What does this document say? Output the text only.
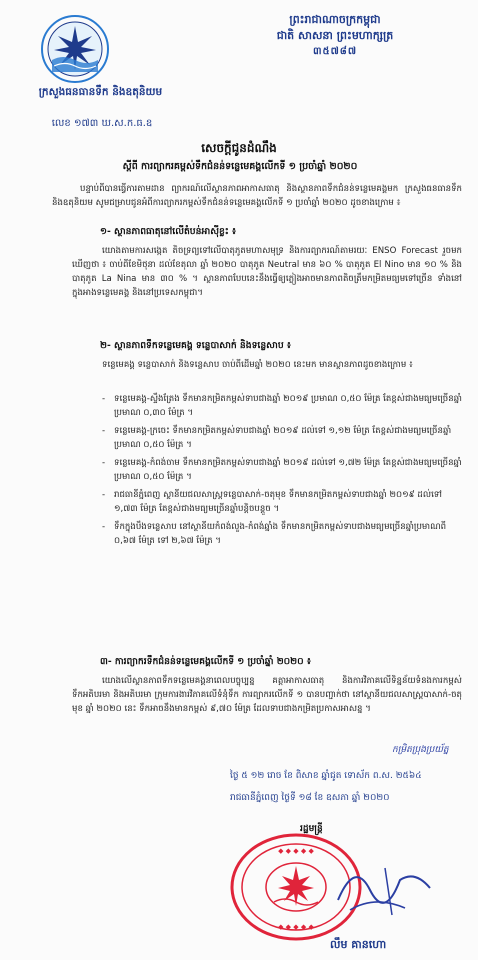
ព្រះរាជាណាចក្រកម្ពុជា
ជាតិ សាសនា ព្រះមហាក្សត្រ
៣៥៧៨៧
ក្រសួងធនធានទឹក និងឧតុនិយម
លេខ ១៧៣ ឃ.ស.ក.ធ.ឧ
សេចក្តីជូនដំណឹង
ស្តីពី ការព្យាករគម្ពស់ទឹកជំនន់ទន្លេមេគង្គលើកទី ១ ប្រចាំឆ្នាំ ២០២០
បន្ទាប់ពីបានធ្វើការតាមដាន ព្យាករណ៍លើស្ថានភាពអាកាសធាតុ និងស្ថានភាពទឹកជំនន់ទន្លេមេគង្គមក ក្រសួងធនធានទឹក និងឧតុនិយម សូមជម្រាបជូនអំពីការព្យាករកម្ពស់ទឹកជំនន់ទន្លេមេគង្គលើកទី ១ ប្រចាំឆ្នាំ ២០២០ ដូចខាងក្រោម ៖
១- ស្ថានភាពធាតុនៅលើតំបន់អាស៊ីខ្លះ ៖
យោងតាមការសង្កេត តិចទ្រព្យទៅលើបាតុភូតមហាសមុទ្រ និងការព្យាករណ៍តាមរយៈ ENSO Forecast រួចមកឃើញថា ៖ ចាប់ពីខែមិថុនា ដល់ខែតុលា ឆ្នាំ ២០២០ បាតុភូត Neutral មាន ៦០ % បាតុភូត El Nino មាន ១០ % និងបាតុភូត La Nina មាន ៣០ % ។ ស្ថានភាពបែបនេះនឹងធ្វើឲ្យភ្លៀងអាចមានភាពតិចត្រឹមកម្រិតមធ្យមទៅច្រើន ទាំងនៅក្នុងអាងទន្លេមេគង្គ និងនៅប្រទេសកម្ពុជា។
២- ស្ថានភាពទឹកទន្លេមេគង្គ ទន្លេបាសាក់ និងទន្លេសាប ៖
ទន្លេមេគង្គ ទន្លេបាសាក់ និងទន្លេសាប ចាប់ពីដើមឆ្នាំ ២០២០ នេះមក មានស្ថានភាពដូចខាងក្រោម ៖
- ទន្លេមេគង្គ-ស្ទឹងត្រែង ទឹកមានកម្រិតកម្ពស់ទាបជាងឆ្នាំ ២០១៩ ប្រមាណ ០,៥០ ម៉ែត្រ តែខ្ពស់ជាងមធ្យមច្រើនឆ្នាំ ប្រមាណ ០,៣០ ម៉ែត្រ ។
- ទន្លេមេគង្គ-ក្រចេះ ទឹកមានកម្រិតកម្ពស់ទាបជាងឆ្នាំ ២០១៩ ដល់ទៅ ១,១២ ម៉ែត្រ តែខ្ពស់ជាងមធ្យមច្រើនឆ្នាំប្រមាណ ០,៥០ ម៉ែត្រ ។
- ទន្លេមេគង្គ-កំពង់ចាម ទឹកមានកម្រិតកម្ពស់ទាបជាងឆ្នាំ ២០១៩ ដល់ទៅ ១,៧២ ម៉ែត្រ តែខ្ពស់ជាងមធ្យមច្រើនឆ្នាំប្រមាណ ០,៥០ ម៉ែត្រ ។
- រាជធានីភ្នំពេញ ស្ថានីយជលសាស្ត្រទន្លេបាសាក់-ចតុមុខ ទឹកមានកម្រិតកម្ពស់ទាបជាងឆ្នាំ ២០១៩ ដល់ទៅ ១,៧៣ ម៉ែត្រ តែខ្ពស់ជាងមធ្យមច្រើនឆ្នាំបន្តិចបន្តួច ។
- ទឹកក្នុងបឹងទន្លេសាប នៅស្ថានីយកំពង់លួង-កំពង់ឆ្នាំង ទឹកមានកម្រិតកម្ពស់ទាបជាងមធ្យមច្រើនឆ្នាំប្រមាណពី ០,៦៧ ម៉ែត្រ ទៅ ២,៦៧ ម៉ែត្រ ។
៣- ការព្យាករទឹកជំនន់ទន្លេមេគង្គលើកទី ១ ប្រចាំឆ្នាំ ២០២០ ៖
យោងលើស្ថានភាពទឹកទន្លេមេគង្គនាពេលបច្ចុប្បន្ន គត្តាអាកាសធាតុ និងការវិភាគលើទិន្នន័យទំនងការកម្ពស់ទឹកអតិបរមា និងអតិបរមា ក្រុមការងារវិភាគលើទំនុំទឹក ការព្យាករលើកទី ១ បានបញ្ជាក់ថា នៅស្ថានីយជលសាស្ត្របាសាក់-ចតុមុខ ឆ្នាំ ២០២០ នេះ ទឹកអាចនឹងមានកម្ពស់ ៩,៧០ ម៉ែត្រ ដែលទាបជាងកម្រិតប្រកាសអាសន្ន ។
កម្រិតប្រុងប្រយ័ត្ន
ថ្ងៃ ៥ ១២ រោច ខែ ពិសាខ ឆ្នាំជូត ទោស័ក ព.ស. ២៥៦៤
រាជធានីភ្នំពេញ ថ្ងៃទី ១៨ ខែ ឧសភា ឆ្នាំ ២០២០
រដ្ឋមន្ត្រី
◆ ◆ ◆ ◆ ◆
◆ ◆ ◆ ◆ ◆
លឹម គានហោ
